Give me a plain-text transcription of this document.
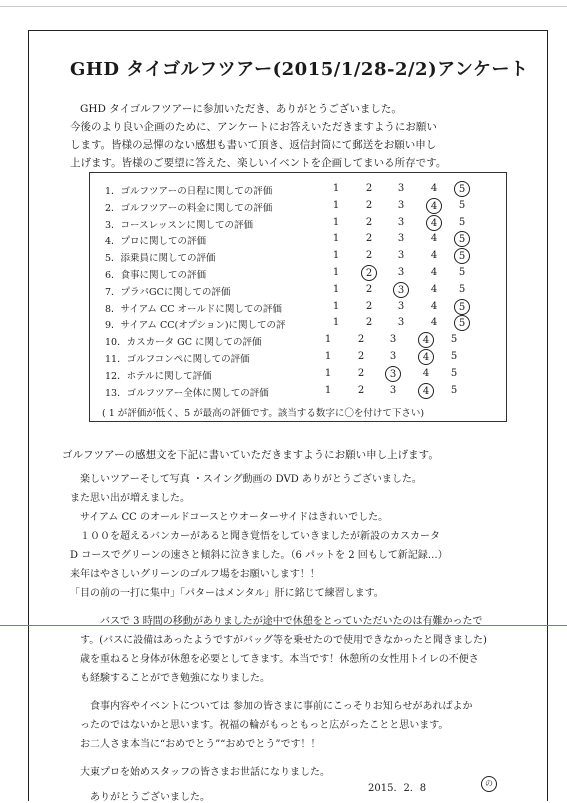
GHD タイゴルフツアー(2015/1/28-2/2)アンケート
GHD タイゴルフツアーに参加いただき、ありがとうございました。
今後のより良い企画のために、アンケートにお答えいただきますようにお願い
します。皆様の忌憚のない感想も書いて頂き、返信封筒にて郵送をお願い申し
上げます。皆様のご要望に答えた、楽しいイベントを企画してまいる所存です。
( 1 が評価が低く、5 が最高の評価です。該当する数字に〇を付けて下さい)
1．ゴルフツアーの日程に関しての評価	1	2	3	4	5
2．ゴルフツアーの料金に関しての評価	1	2	3	4	5
3．コースレッスンに関しての評価	1	2	3	4	5
4．プロに関しての評価	1	2	3	4	5
5．添乗員に関しての評価	1	2	3	4	5
6．食事に関しての評価	1	2	3	4	5
7．プラパGCに関しての評価	1	2	3	4	5
8．サイアム CC オールドに関しての評価	1	2	3	4	5
9．サイアム CC(オプション)に関しての評	1	2	3	4	5
10．カスカータ GC に関しての評価	1	2	3	4	5
11．ゴルフコンペに関しての評価	1	2	3	4	5
12．ホテルに関して評価	1	2	3	4	5
13．ゴルフツアー全体に関しての評価	1	2	3	4	5
ゴルフツアーの感想文を下記に書いていただきますようにお願い申し上げます。
楽しいツアーそして写真 ・スイング動画の DVD ありがとうございました。
また思い出が増えました。
サイアム CC のオールドコースとウオーターサイドはきれいでした。
１００を超えるバンカーがあると聞き覚悟をしていきましたが新設のカスカータ
D コースでグリーンの速さと傾斜に泣きました。（6 パットを 2 回もして新記録…）
来年はやさしいグリーンのゴルフ場をお願いします！！
「目の前の一打に集中」「パターはメンタル」肝に銘じて練習します。
バスで 3 時間の移動がありましたが途中で休憩をとっていただいたのは有難かったで
す。(バスに設備はあったようですがバッグ等を乗せたので使用できなかったと聞きました)
歳を重ねると身体が休憩を必要としてきます。本当です！休憩所の女性用トイレの不便さ
も経験することができ勉強になりました。
食事内容やイベントについては 参加の皆さまに事前にこっそりお知らせがあればよか
ったのではないかと思います。祝福の輪がもっともっと広がったことと思います。
お二人さま本当に“おめでとう”“おめでとう”です！！
大東プロを始めスタッフの皆さまお世話になりました。
ありがとうございました。
2015．2．8	の
